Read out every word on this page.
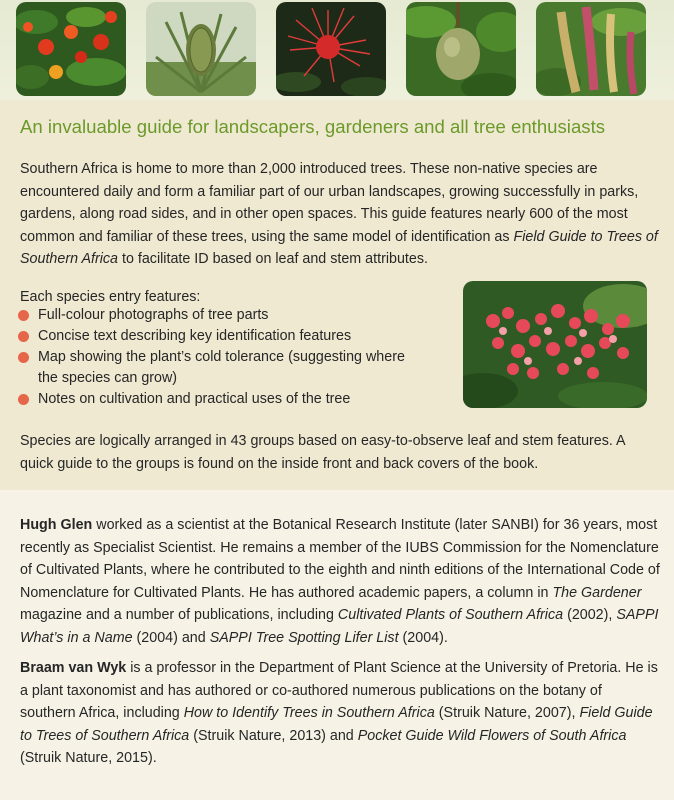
An invaluable guide for landscapers, gardeners and all tree enthusiasts

Southern Africa is home to more than 2,000 introduced trees. These non-native species are encountered daily and form a familiar part of our urban landscapes, growing successfully in parks, gardens, along road sides, and in other open spaces. This guide features nearly 600 of the most common and familiar of these trees, using the same model of identification as Field Guide to Trees of Southern Africa to facilitate ID based on leaf and stem attributes.

Each species entry features:
Full-colour photographs of tree parts
Concise text describing key identification features
Map showing the plant’s cold tolerance (suggesting where the species can grow)
Notes on cultivation and practical uses of the tree

Species are logically arranged in 43 groups based on easy-to-observe leaf and stem features. A quick guide to the groups is found on the inside front and back covers of the book.

Hugh Glen worked as a scientist at the Botanical Research Institute (later SANBI) for 36 years, most recently as Specialist Scientist. He remains a member of the IUBS Commission for the Nomenclature of Cultivated Plants, where he contributed to the eighth and ninth editions of the International Code of Nomenclature for Cultivated Plants. He has authored academic papers, a column in The Gardener magazine and a number of publications, including Cultivated Plants of Southern Africa (2002), SAPPI What’s in a Name (2004) and SAPPI Tree Spotting Lifer List (2004).

Braam van Wyk is a professor in the Department of Plant Science at the University of Pretoria. He is a plant taxonomist and has authored or co-authored numerous publications on the botany of southern Africa, including How to Identify Trees in Southern Africa (Struik Nature, 2007), Field Guide to Trees of Southern Africa (Struik Nature, 2013) and Pocket Guide Wild Flowers of South Africa (Struik Nature, 2015).
